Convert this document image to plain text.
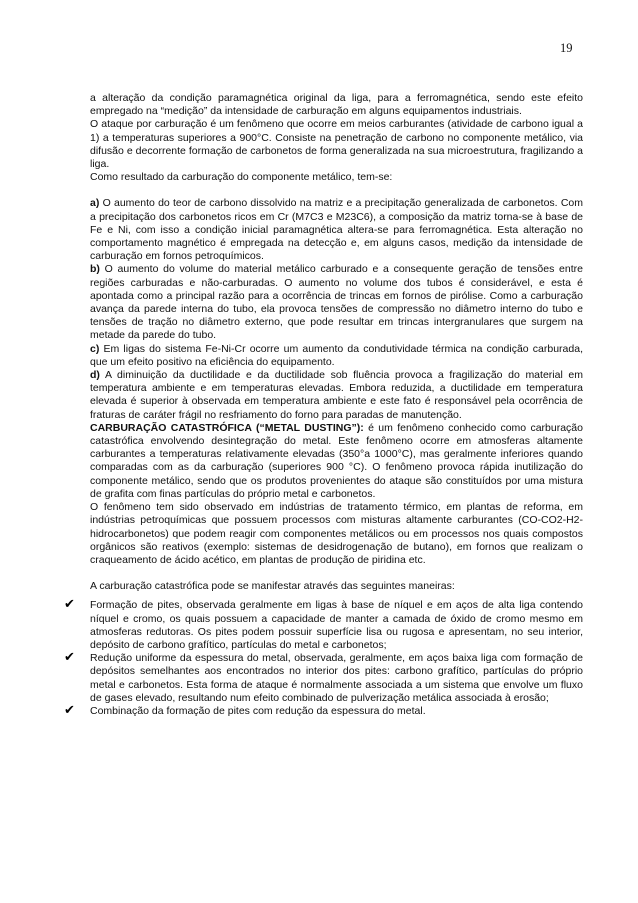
19

a alteração da condição paramagnética original da liga, para a ferromagnética, sendo este efeito empregado na “medição” da intensidade de carburação em alguns equipamentos industriais.

O ataque por carburação é um fenômeno que ocorre em meios carburantes (atividade de carbono igual a 1) a temperaturas superiores a 900°C. Consiste na penetração de carbono no componente metálico, via difusão e decorrente formação de carbonetos de forma generalizada na sua microestrutura, fragilizando a liga.

Como resultado da carburação do componente metálico, tem-se:

a) O aumento do teor de carbono dissolvido na matriz e a precipitação generalizada de carbonetos. Com a precipitação dos carbonetos ricos em Cr (M7C3 e M23C6), a composição da matriz torna-se à base de Fe e Ni, com isso a condição inicial paramagnética altera-se para ferromagnética. Esta alteração no comportamento magnético é empregada na detecção e, em alguns casos, medição da intensidade de carburação em fornos petroquímicos.

b) O aumento do volume do material metálico carburado e a consequente geração de tensões entre regiões carburadas e não-carburadas. O aumento no volume dos tubos é considerável, e esta é apontada como a principal razão para a ocorrência de trincas em fornos de pirólise. Como a carburação avança da parede interna do tubo, ela provoca tensões de compressão no diâmetro interno do tubo e tensões de tração no diâmetro externo, que pode resultar em trincas intergranulares que surgem na metade da parede do tubo.

c) Em ligas do sistema Fe-Ni-Cr ocorre um aumento da condutividade térmica na condição carburada, que um efeito positivo na eficiência do equipamento.

d) A diminuição da ductilidade e da ductilidade sob fluência provoca a fragilização do material em temperatura ambiente e em temperaturas elevadas. Embora reduzida, a ductilidade em temperatura elevada é superior à observada em temperatura ambiente e este fato é responsável pela ocorrência de fraturas de caráter frágil no resfriamento do forno para paradas de manutenção.

CARBURAÇÃO CATASTRÓFICA (“METAL DUSTING”): é um fenômeno conhecido como carburação catastrófica envolvendo desintegração do metal. Este fenômeno ocorre em atmosferas altamente carburantes a temperaturas relativamente elevadas (350°a 1000°C), mas geralmente inferiores quando comparadas com as da carburação (superiores 900 °C). O fenômeno provoca rápida inutilização do componente metálico, sendo que os produtos provenientes do ataque são constituídos por uma mistura de grafita com finas partículas do próprio metal e carbonetos.

O fenômeno tem sido observado em indústrias de tratamento térmico, em plantas de reforma, em indústrias petroquímicas que possuem processos com misturas altamente carburantes (CO-CO2-H2-hidrocarbonetos) que podem reagir com componentes metálicos ou em processos nos quais compostos orgânicos são reativos (exemplo: sistemas de desidrogenação de butano), em fornos que realizam o craqueamento de ácido acético, em plantas de produção de piridina etc.

A carburação catastrófica pode se manifestar através das seguintes maneiras:

✔ Formação de pites, observada geralmente em ligas à base de níquel e em aços de alta liga contendo níquel e cromo, os quais possuem a capacidade de manter a camada de óxido de cromo mesmo em atmosferas redutoras. Os pites podem possuir superfície lisa ou rugosa e apresentam, no seu interior, depósito de carbono grafítico, partículas do metal e carbonetos;
✔ Redução uniforme da espessura do metal, observada, geralmente, em aços baixa liga com formação de depósitos semelhantes aos encontrados no interior dos pites: carbono grafítico, partículas do próprio metal e carbonetos. Esta forma de ataque é normalmente associada a um sistema que envolve um fluxo de gases elevado, resultando num efeito combinado de pulverização metálica associada à erosão;
✔ Combinação da formação de pites com redução da espessura do metal.
